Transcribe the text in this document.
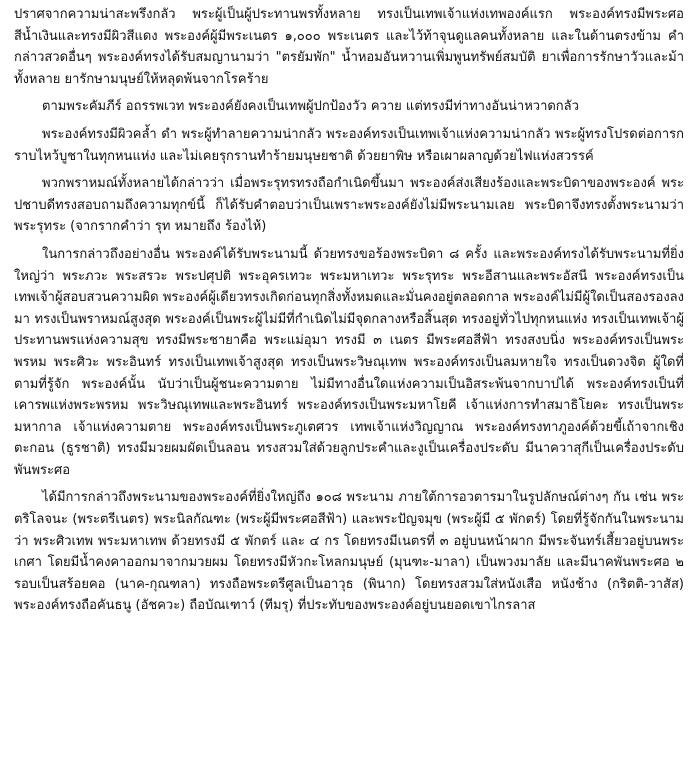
ปราศจากความน่าสะพรึงกลัว พระผู้เป็นผู้ประทานพรทั้งหลาย ทรงเป็นเทพเจ้าแห่งเทพองค์แรก พระองค์ทรงมีพระศอสีน้ำเงินและทรงมีผิวสีแดง พระองค์ผู้มีพระเนตร ๑,๐๐๐ พระเนตร และไว้ท้าจุนดูแลคนทั้งหลาย และในด้านตรงข้าม คำกล่าวสวดอื่นๆ พระองค์ทรงได้รับสมญานามว่า "ตรยัมพัก" น้ำหอมอันหวานเพิ่มพูนทรัพย์สมบัติ ยาเพื่อการรักษาวัวและม้าทั้งหลาย ยารักษามนุษย์ให้หลุดพ้นจากโรคร้าย

ตามพระคัมภีร์ อถรรพเวท พระองค์ยังคงเป็นเทพผู้ปกป้องวัว ควาย แต่ทรงมีท่าทางอันน่าหวาดกลัว

พระองค์ทรงมีผิวคล้ำ ดำ พระผู้ทำลายความน่ากลัว พระองค์ทรงเป็นเทพเจ้าแห่งความน่ากลัว พระผู้ทรงโปรดต่อการกราบไหว้บูชาในทุกหนแห่ง และไม่เคยรุกรานทำร้ายมนุษยชาติ ด้วยยาพิษ หรือเผาผลาญด้วยไฟแห่งสวรรค์

พวกพราหมณ์ทั้งหลายได้กล่าวว่า เมื่อพระรุทรทรงถือกำเนิดขึ้นมา พระองค์ส่งเสียงร้องและพระบิดาของพระองค์ พระปชาบดีทรงสอบถามถึงความทุกข์นี้ ก็ได้รับคำตอบว่าเป็นเพราะพระองค์ยังไม่มีพระนามเลย พระบิดาจึงทรงตั้งพระนามว่า พระรุทระ (จากรากคำว่า รุท หมายถึง ร้องไห้)

ในการกล่าวถึงอย่างอื่น พระองค์ได้รับพระนามนี้ ด้วยทรงขอร้องพระบิดา ๘ ครั้ง และพระองค์ทรงได้รับพระนามที่ยิ่งใหญ่ว่า พระภวะ พระสรวะ พระปศุปติ พระอุครเทวะ พระมหาเทวะ พระรุทระ พระอีสานและพระอัสนี พระองค์ทรงเป็นเทพเจ้าผู้สอบสวนความผิด พระองค์ผู้เดียวทรงเกิดก่อนทุกสิ่งทั้งหมดและมั่นคงอยู่ตลอดกาล พระองค์ไม่มีผู้ใดเป็นสองรองลงมา ทรงเป็นพราหมณ์สูงสุด พระองค์เป็นพระผู้ไม่มีที่กำเนิดไม่มีจุดกลางหรือสิ้นสุด ทรงอยู่ทั่วไปทุกหนแห่ง ทรงเป็นเทพเจ้าผู้ประทานพรแห่งความสุข ทรงมีพระชายาคือ พระแม่อุมา ทรงมี ๓ เนตร มีพระศอสีฟ้า ทรงสงบนิ่ง พระองค์ทรงเป็นพระพรหม พระศิวะ พระอินทร์ ทรงเป็นเทพเจ้าสูงสุด ทรงเป็นพระวิษณุเทพ พระองค์ทรงเป็นลมหายใจ ทรงเป็นดวงจิต ผู้ใดที่ตามที่รู้จัก พระองค์นั้น นับว่าเป็นผู้ชนะความตาย ไม่มีทางอื่นใดแห่งความเป็นอิสระพ้นจากบาปได้ พระองค์ทรงเป็นที่เคารพแห่งพระพรหม พระวิษณุเทพและพระอินทร์ พระองค์ทรงเป็นพระมหาโยคี เจ้าแห่งการทำสมาธิโยคะ ทรงเป็นพระมหากาล เจ้าแห่งความตาย พระองค์ทรงเป็นพระภูเตศวร เทพเจ้าแห่งวิญญาณ พระองค์ทรงทาภูองค์ด้วยขี้เถ้าจากเชิงตะกอน (ธูรชาติ) ทรงมีมวยผมผัดเป็นลอน ทรงสวมใส่ด้วยลูกประคำและงูเป็นเครื่องประดับ มีนาควาสุกีเป็นเครื่องประดับพันพระศอ

ได้มีการกล่าวถึงพระนามของพระองค์ที่ยิ่งใหญ่ถึง ๑๐๘ พระนาม ภายใต้การอวตารมาในรูปลักษณ์ต่างๆ กัน เช่น พระตริโลจนะ (พระตรีเนตร) พระนิลกัณฑะ (พระผู้มีพระศอสีฟ้า) และพระปัญจมุข (พระผู้มี ๕ พักตร์) โดยที่รู้จักกันในพระนามว่า พระศิวเทพ พระมหาเทพ ด้วยทรงมี ๕ พักตร์ และ ๔ กร โดยทรงมีเนตรที่ ๓ อยู่บนหน้าผาก มีพระจันทร์เสี้ยวอยู่บนพระเกศา โดยมีน้ำคงคาออกมาจากมวยผม โดยทรงมีหัวกะโหลกมนุษย์ (มุนฑะ-มาลา) เป็นพวงมาลัย และมีนาคพันพระศอ ๒ รอบเป็นสร้อยคอ (นาค-กุณฑลา) ทรงถือพระตรีศูลเป็นอาวุธ (พินาก) โดยทรงสวมใส่หนังเสือ หนังช้าง (กริตติ-วาสัส) พระองค์ทรงถือคันธนู (อัชควะ) ถือบัณเฑาว์ (ทีมรุ) ที่ประทับของพระองค์อยู่บนยอดเขาไกรลาส
